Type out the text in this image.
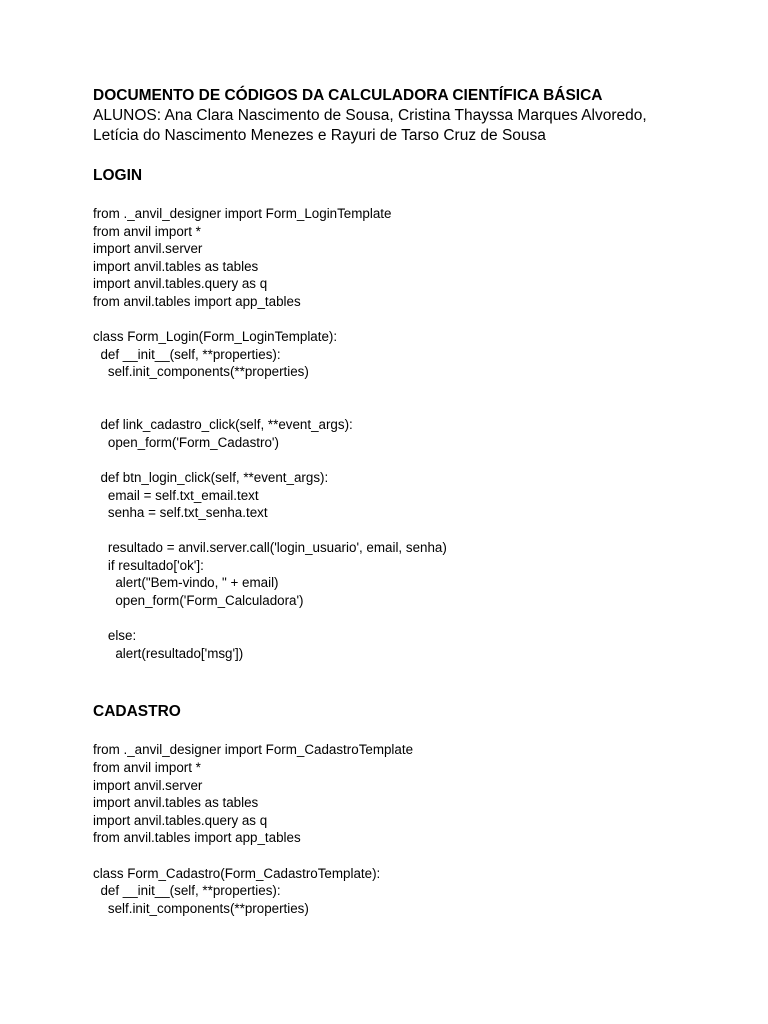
DOCUMENTO DE CÓDIGOS DA CALCULADORA CIENTÍFICA BÁSICA

ALUNOS: Ana Clara Nascimento de Sousa, Cristina Thayssa Marques Alvoredo,

Letícia do Nascimento Menezes e Rayuri de Tarso Cruz de Sousa

LOGIN
from ._anvil_designer import Form_LoginTemplate
from anvil import *
import anvil.server
import anvil.tables as tables
import anvil.tables.query as q
from anvil.tables import app_tables
class Form_Login(Form_LoginTemplate):
def __init__(self, **properties):
self.init_components(**properties)
def link_cadastro_click(self, **event_args):
open_form('Form_Cadastro')
def btn_login_click(self, **event_args):
email = self.txt_email.text
senha = self.txt_senha.text
resultado = anvil.server.call('login_usuario', email, senha)
if resultado['ok']:
alert("Bem-vindo, " + email)
open_form('Form_Calculadora')
else:
alert(resultado['msg'])
CADASTRO
from ._anvil_designer import Form_CadastroTemplate
from anvil import *
import anvil.server
import anvil.tables as tables
import anvil.tables.query as q
from anvil.tables import app_tables
class Form_Cadastro(Form_CadastroTemplate):
def __init__(self, **properties):
self.init_components(**properties)
